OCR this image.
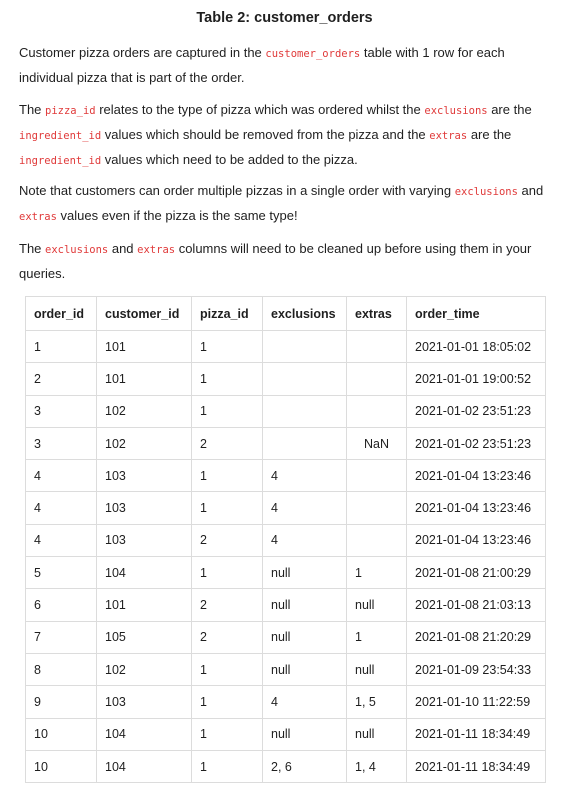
Table 2: customer_orders
Customer pizza orders are captured in the customer_orders table with 1 row for each individual pizza that is part of the order.
The pizza_id relates to the type of pizza which was ordered whilst the exclusions are the ingredient_id values which should be removed from the pizza and the extras are the ingredient_id values which need to be added to the pizza.
Note that customers can order multiple pizzas in a single order with varying exclusions and extras values even if the pizza is the same type!
The exclusions and extras columns will need to be cleaned up before using them in your queries.
order_id	customer_id	pizza_id	exclusions	extras	order_time
1	101	1			2021-01-01 18:05:02
2	101	1			2021-01-01 19:00:52
3	102	1			2021-01-02 23:51:23
3	102	2		NaN	2021-01-02 23:51:23
4	103	1	4		2021-01-04 13:23:46
4	103	1	4		2021-01-04 13:23:46
4	103	2	4		2021-01-04 13:23:46
5	104	1	null	1	2021-01-08 21:00:29
6	101	2	null	null	2021-01-08 21:03:13
7	105	2	null	1	2021-01-08 21:20:29
8	102	1	null	null	2021-01-09 23:54:33
9	103	1	4	1, 5	2021-01-10 11:22:59
10	104	1	null	null	2021-01-11 18:34:49
10	104	1	2, 6	1, 4	2021-01-11 18:34:49
